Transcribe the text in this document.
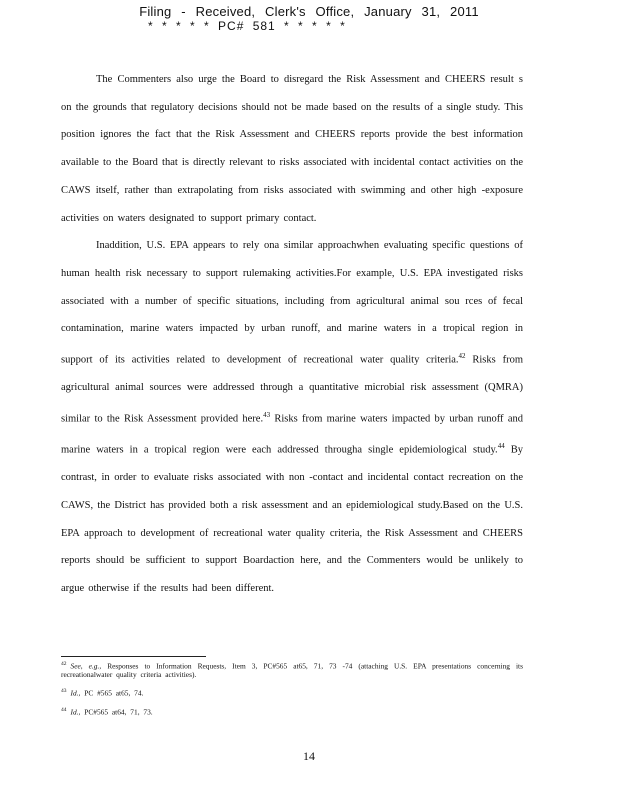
Filing - Received, Clerk's Office, January 31, 2011
* * * * * PC# 581 * * * * *

The Commenters also urge the Board to disregard the Risk Assessment and CHEERS result s on the grounds that regulatory decisions should not be made based on the results of a single study. This position ignores the fact that the Risk Assessment and CHEERS reports provide the best information available to the Board that is directly relevant to risks associated with incidental contact activities on the CAWS itself, rather than extrapolating from risks associated with swimming and other high -exposure activities on waters designated to support primary contact.

Inaddition, U.S. EPA appears to rely ona similar approachwhen evaluating specific questions of human health risk necessary to support rulemaking activities.For example, U.S. EPA investigated risks associated with a number of specific situations, including from agricultural animal sou rces of fecal contamination, marine waters impacted by urban runoff, and marine waters in a tropical region in support of its activities related to development of recreational water quality criteria.$^{42}$ Risks from agricultural animal sources were addressed through a quantitative microbial risk assessment (QMRA) similar to the Risk Assessment provided here.$^{43}$ Risks from marine waters impacted by urban runoff and marine waters in a tropical region were each addressed througha single epidemiological study.$^{44}$ By contrast, in order to evaluate risks associated with non -contact and incidental contact recreation on the CAWS, the District has provided both a risk assessment and an epidemiological study.Based on the U.S. EPA approach to development of recreational water quality criteria, the Risk Assessment and CHEERS reports should be sufficient to support Boardaction here, and the Commenters would be unlikely to argue otherwise if the results had been different.

$^{42}$ See, e.g., Responses to Information Requests, Item 3, PC#565 at65, 71, 73 -74 (attaching U.S. EPA presentations concerning its recreationalwater quality criteria activities).
$^{43}$ Id., PC #565 at65, 74.
$^{44}$ Id., PC#565 at64, 71, 73.
14
